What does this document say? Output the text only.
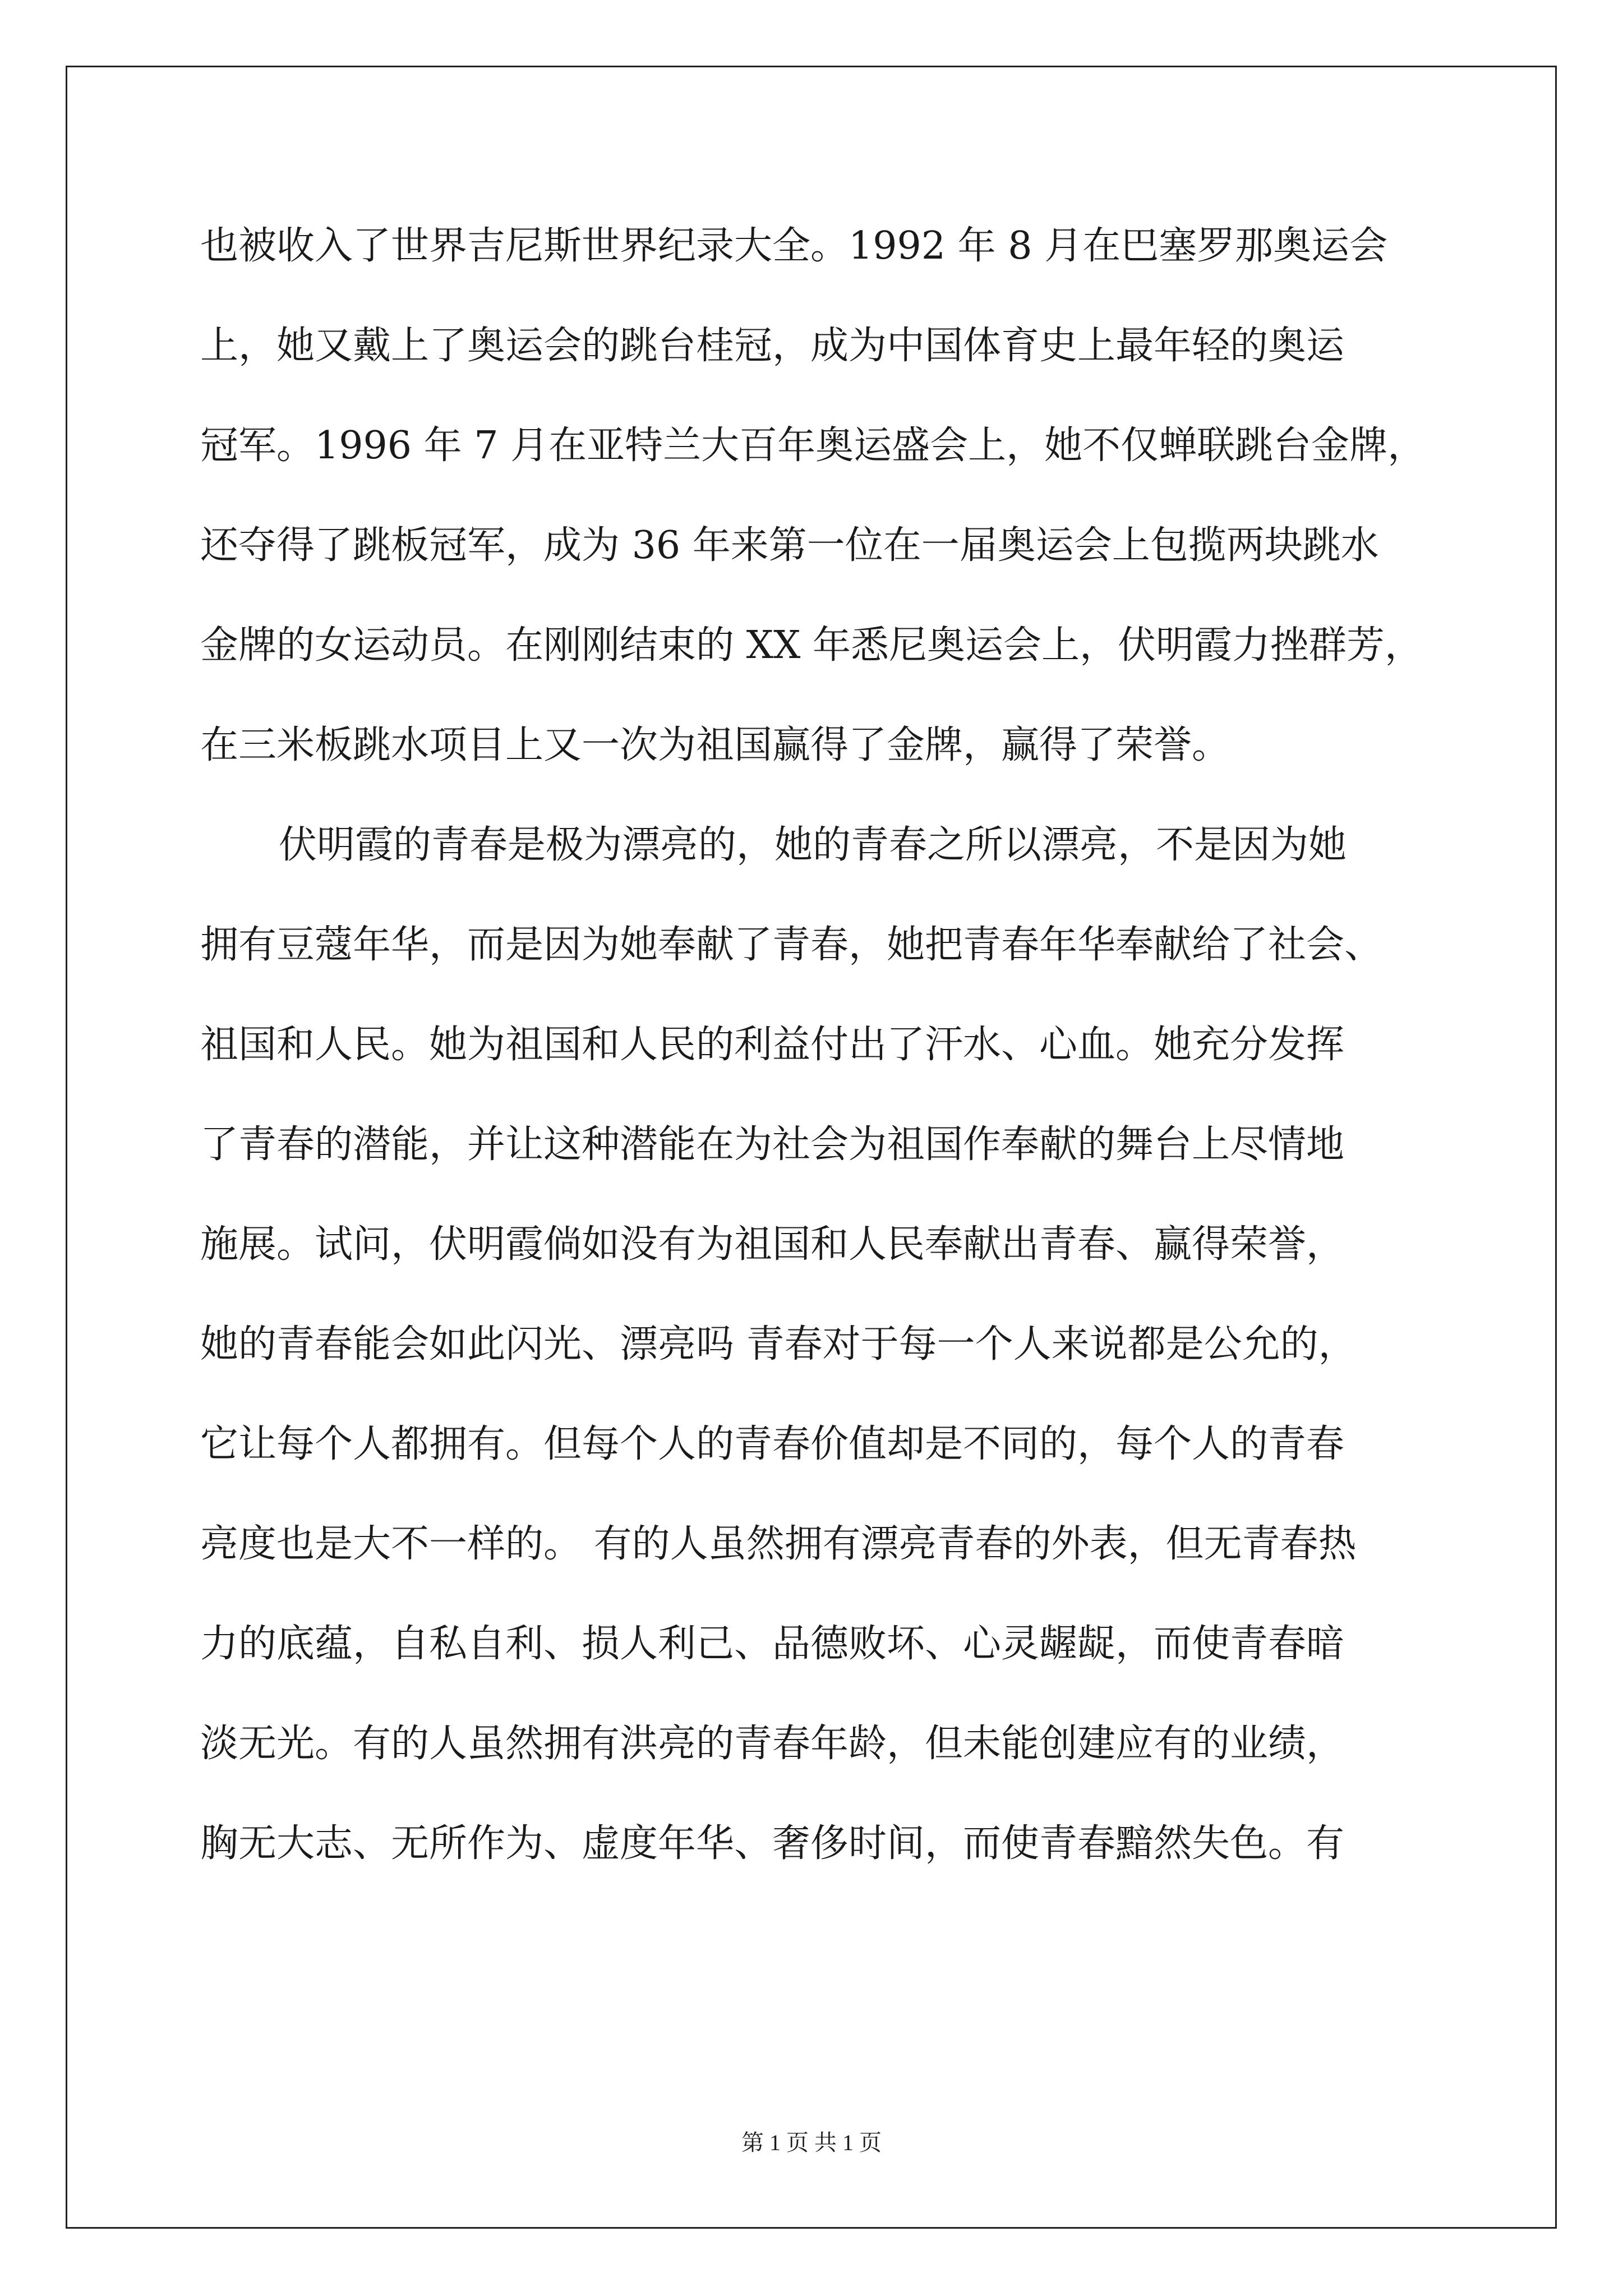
也被收入了世界吉尼斯世界纪录大全。1992 年 8 月在巴塞罗那奥运会
上，她又戴上了奥运会的跳台桂冠，成为中国体育史上最年轻的奥运
冠军。1996 年 7 月在亚特兰大百年奥运盛会上，她不仅蝉联跳台金牌，
还夺得了跳板冠军，成为 36 年来第一位在一届奥运会上包揽两块跳水
金牌的女运动员。在刚刚结束的 XX 年悉尼奥运会上，伏明霞力挫群芳，
在三米板跳水项目上又一次为祖国赢得了金牌，赢得了荣誉。
伏明霞的青春是极为漂亮的，她的青春之所以漂亮，不是因为她
拥有豆蔻年华，而是因为她奉献了青春，她把青春年华奉献给了社会、
祖国和人民。她为祖国和人民的利益付出了汗水、心血。她充分发挥
了青春的潜能，并让这种潜能在为社会为祖国作奉献的舞台上尽情地
施展。试问，伏明霞倘如没有为祖国和人民奉献出青春、赢得荣誉，
她的青春能会如此闪光、漂亮吗 青春对于每一个人来说都是公允的，
它让每个人都拥有。但每个人的青春价值却是不同的，每个人的青春
亮度也是大不一样的。 有的人虽然拥有漂亮青春的外表，但无青春热
力的底蕴，自私自利、损人利己、品德败坏、心灵龌龊，而使青春暗
淡无光。有的人虽然拥有洪亮的青春年龄，但未能创建应有的业绩，
胸无大志、无所作为、虚度年华、奢侈时间，而使青春黯然失色。有
第 1 页 共 1 页
